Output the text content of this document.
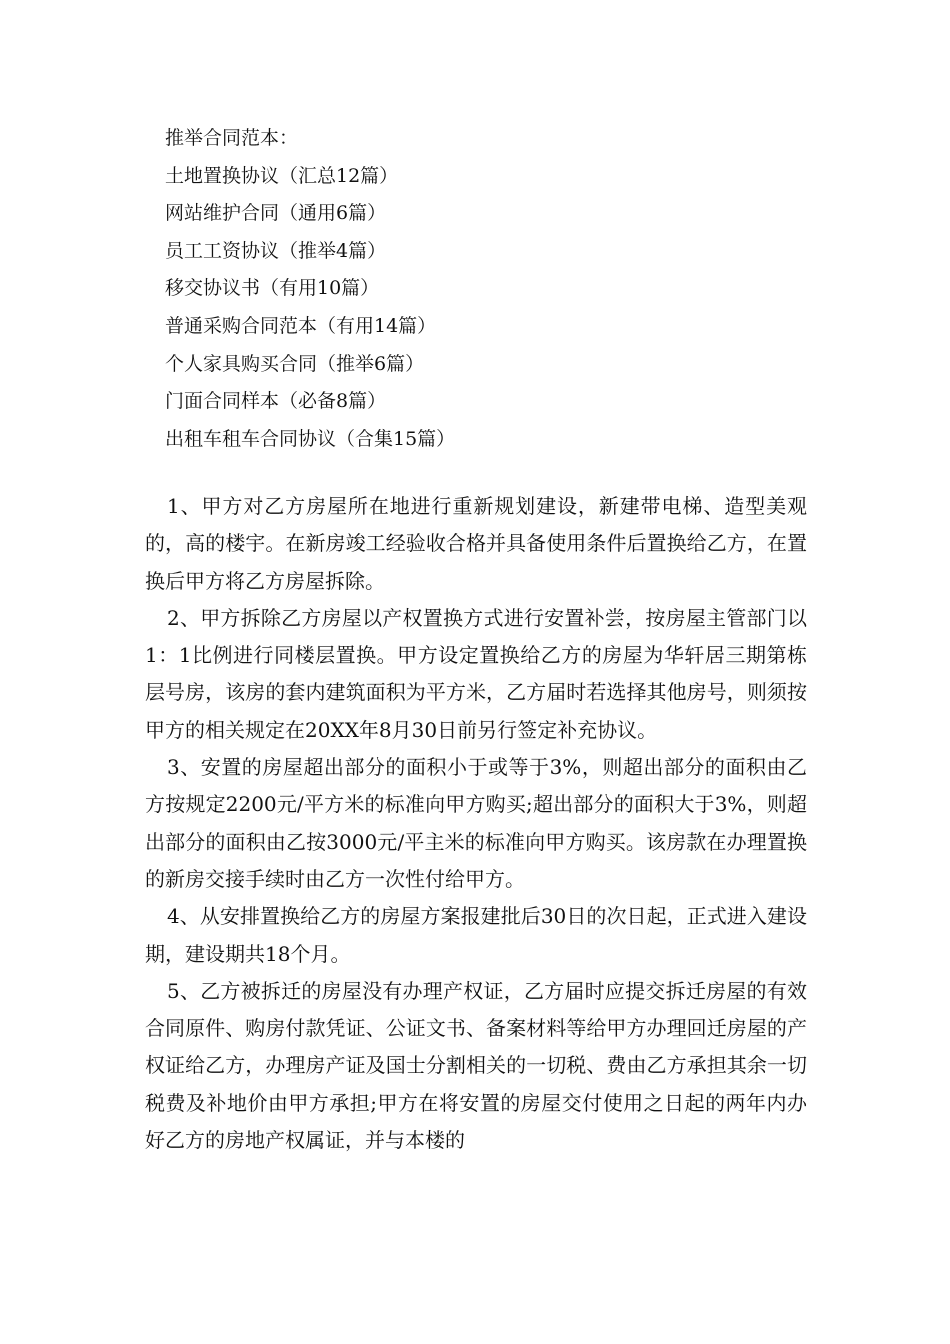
推举合同范本：
土地置换协议（汇总12篇）
网站维护合同（通用6篇）
员工工资协议（推举4篇）
移交协议书（有用10篇）
普通采购合同范本（有用14篇）
个人家具购买合同（推举6篇）
门面合同样本（必备8篇）
出租车租车合同协议（合集15篇）

1、甲方对乙方房屋所在地进行重新规划建设，新建带电梯、造型美观的，高的楼宇。在新房竣工经验收合格并具备使用条件后置换给乙方，在置换后甲方将乙方房屋拆除。

2、甲方拆除乙方房屋以产权置换方式进行安置补尝，按房屋主管部门以1：1比例进行同楼层置换。甲方设定置换给乙方的房屋为华轩居三期第栋层号房，该房的套内建筑面积为平方米，乙方届时若选择其他房号，则须按甲方的相关规定在20XX年8月30日前另行签定补充协议。

3、安置的房屋超出部分的面积小于或等于3%，则超出部分的面积由乙方按规定2200元/平方米的标准向甲方购买;超出部分的面积大于3%，则超出部分的面积由乙按3000元/平主米的标准向甲方购买。该房款在办理置换的新房交接手续时由乙方一次性付给甲方。

4、从安排置换给乙方的房屋方案报建批后30日的次日起，正式进入建设期，建设期共18个月。

5、乙方被拆迁的房屋没有办理产权证，乙方届时应提交拆迁房屋的有效合同原件、购房付款凭证、公证文书、备案材料等给甲方办理回迁房屋的产权证给乙方，办理房产证及国士分割相关的一切税、费由乙方承担其余一切税费及补地价由甲方承担;甲方在将安置的房屋交付使用之日起的两年内办好乙方的房地产权属证，并与本楼的
